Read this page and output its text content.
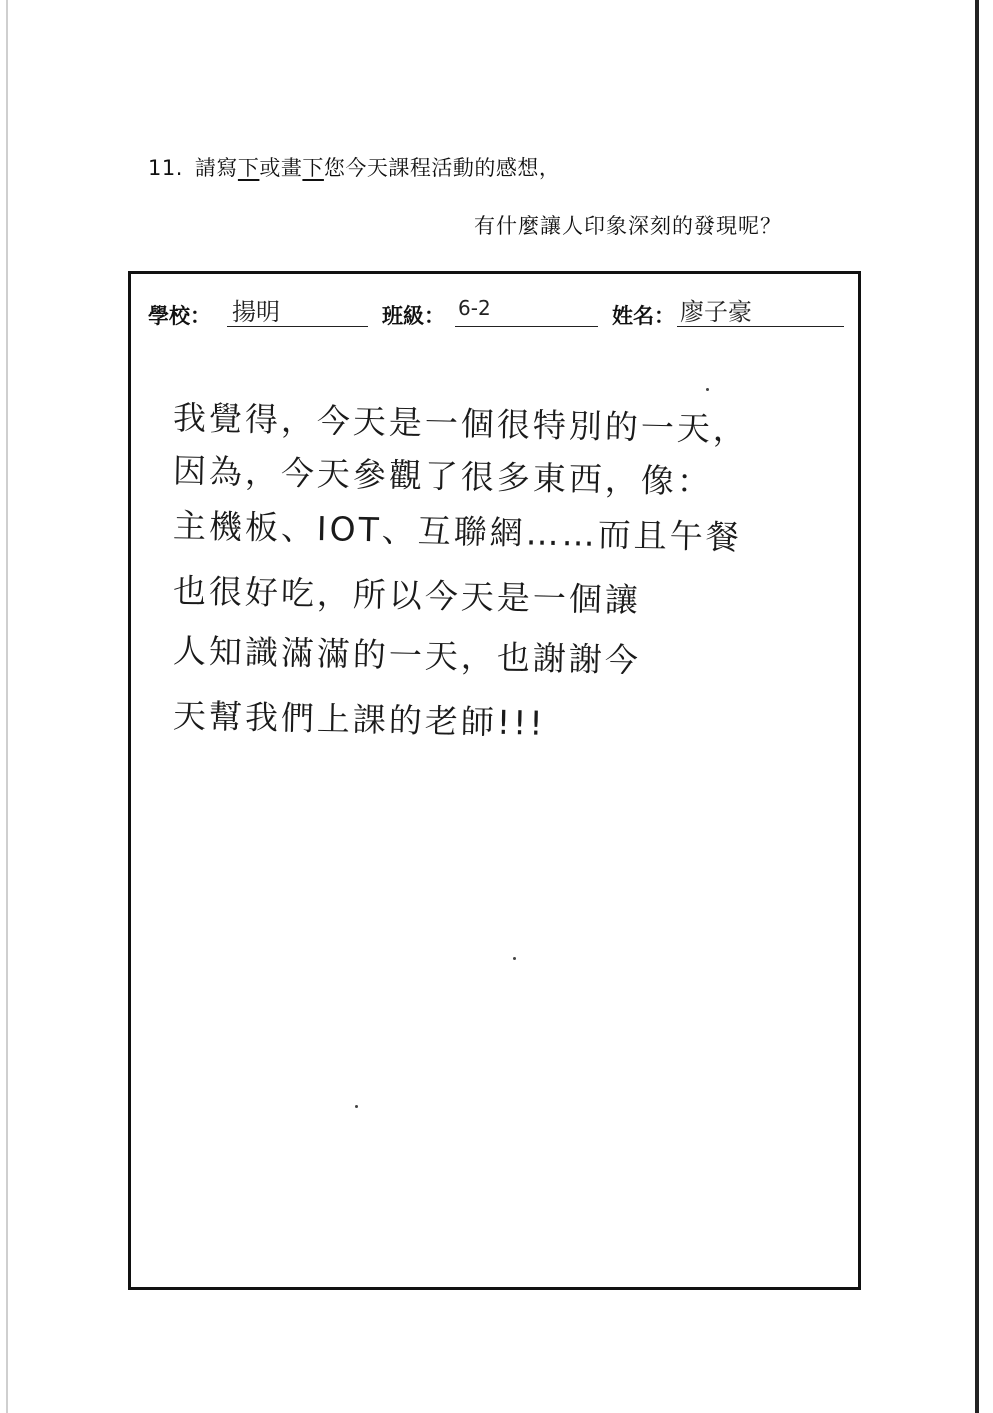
11. 請寫下或畫下您今天課程活動的感想，
有什麼讓人印象深刻的發現呢？
學校： 揚明	班級： 6-2	姓名： 廖子豪
我覺得，今天是一個很特別的一天，
因為，今天參觀了很多東西，像：
主機板、IOT、互聯網……而且午餐
也很好吃，所以今天是一個讓
人知識滿滿的一天，也謝謝今
天幫我們上課的老師!!!
